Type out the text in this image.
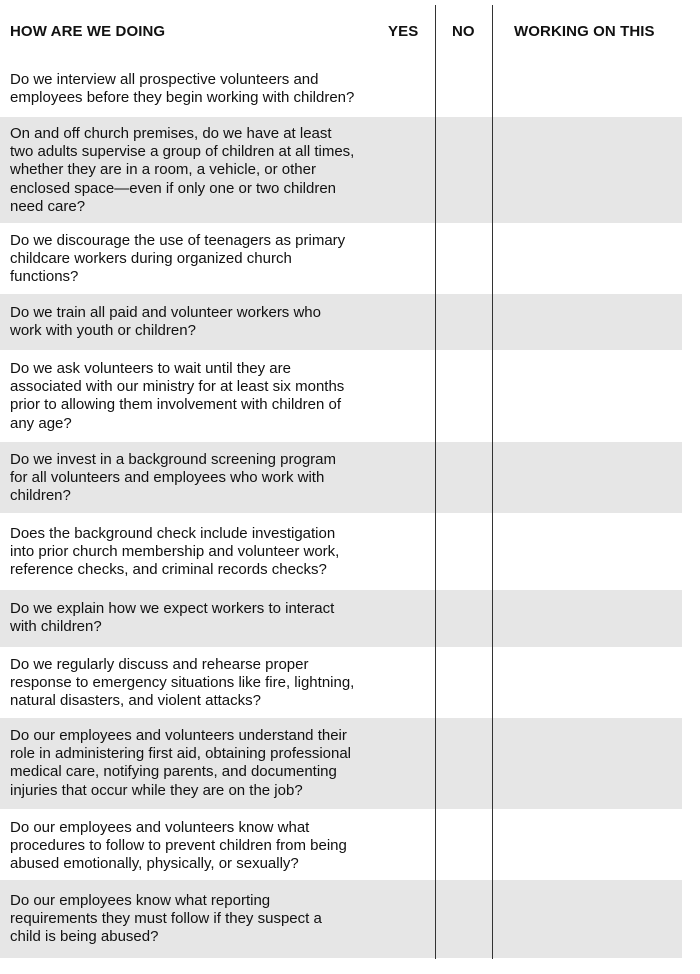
HOW ARE WE DOING	YES NO	WORKING ON THIS
Do we interview all prospective volunteers and
employees before they begin working with children?
On and off church premises, do we have at least
two adults supervise a group of children at all times,
whether they are in a room, a vehicle, or other
enclosed space—even if only one or two children
need care?
Do we discourage the use of teenagers as primary
childcare workers during organized church
functions?
Do we train all paid and volunteer workers who
work with youth or children?
Do we ask volunteers to wait until they are
associated with our ministry for at least six months
prior to allowing them involvement with children of
any age?
Do we invest in a background screening program
for all volunteers and employees who work with
children?
Does the background check include investigation
into prior church membership and volunteer work,
reference checks, and criminal records checks?
Do we explain how we expect workers to interact
with children?
Do we regularly discuss and rehearse proper
response to emergency situations like fire, lightning,
natural disasters, and violent attacks?
Do our employees and volunteers understand their
role in administering first aid, obtaining professional
medical care, notifying parents, and documenting
injuries that occur while they are on the job?
Do our employees and volunteers know what
procedures to follow to prevent children from being
abused emotionally, physically, or sexually?
Do our employees know what reporting
requirements they must follow if they suspect a
child is being abused?
